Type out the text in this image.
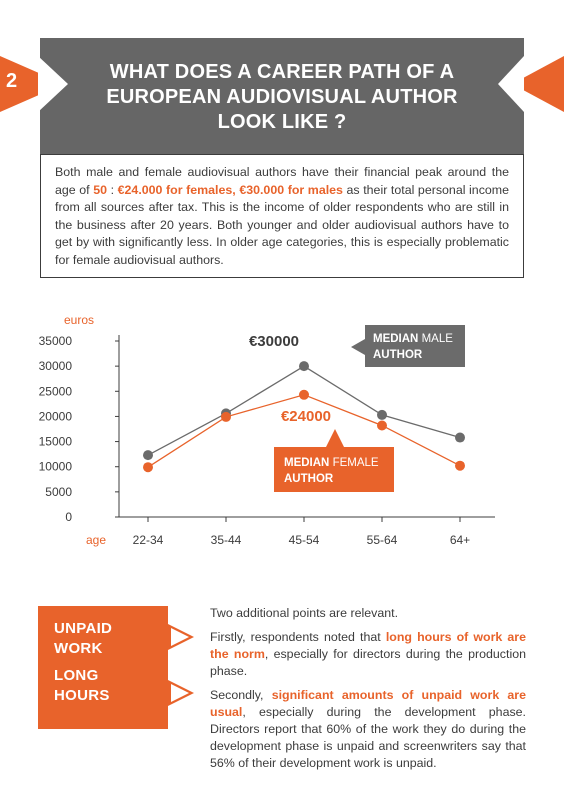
WHAT DOES A CAREER PATH OF A
EUROPEAN AUDIOVISUAL AUTHOR
LOOK LIKE ?
2
Both male and female audiovisual authors have their financial peak around the age of 50 : €24.000 for females, €30.000 for males as their total personal income from all sources after tax. This is the income of older respondents who are still in the business after 20 years. Both younger and older audiovisual authors have to get by with significantly less. In older age categories, this is especially problematic for female audiovisual authors.
0
5000
10000
15000
20000
25000
30000
35000
euros
22-34	35-44	45-54	55-64	64+
age
€30000
€24000
MEDIAN MALE
AUTHOR
MEDIAN FEMALE
AUTHOR
UNPAID
WORK
LONG
HOURS

Two additional points are relevant.

Firstly, respondents noted that long hours of work are the norm, especially for directors during the production phase.

Secondly, significant amounts of unpaid work are usual, especially during the development phase. Directors report that 60% of the work they do during the development phase is unpaid and screenwriters say that 56% of their development work is unpaid.
